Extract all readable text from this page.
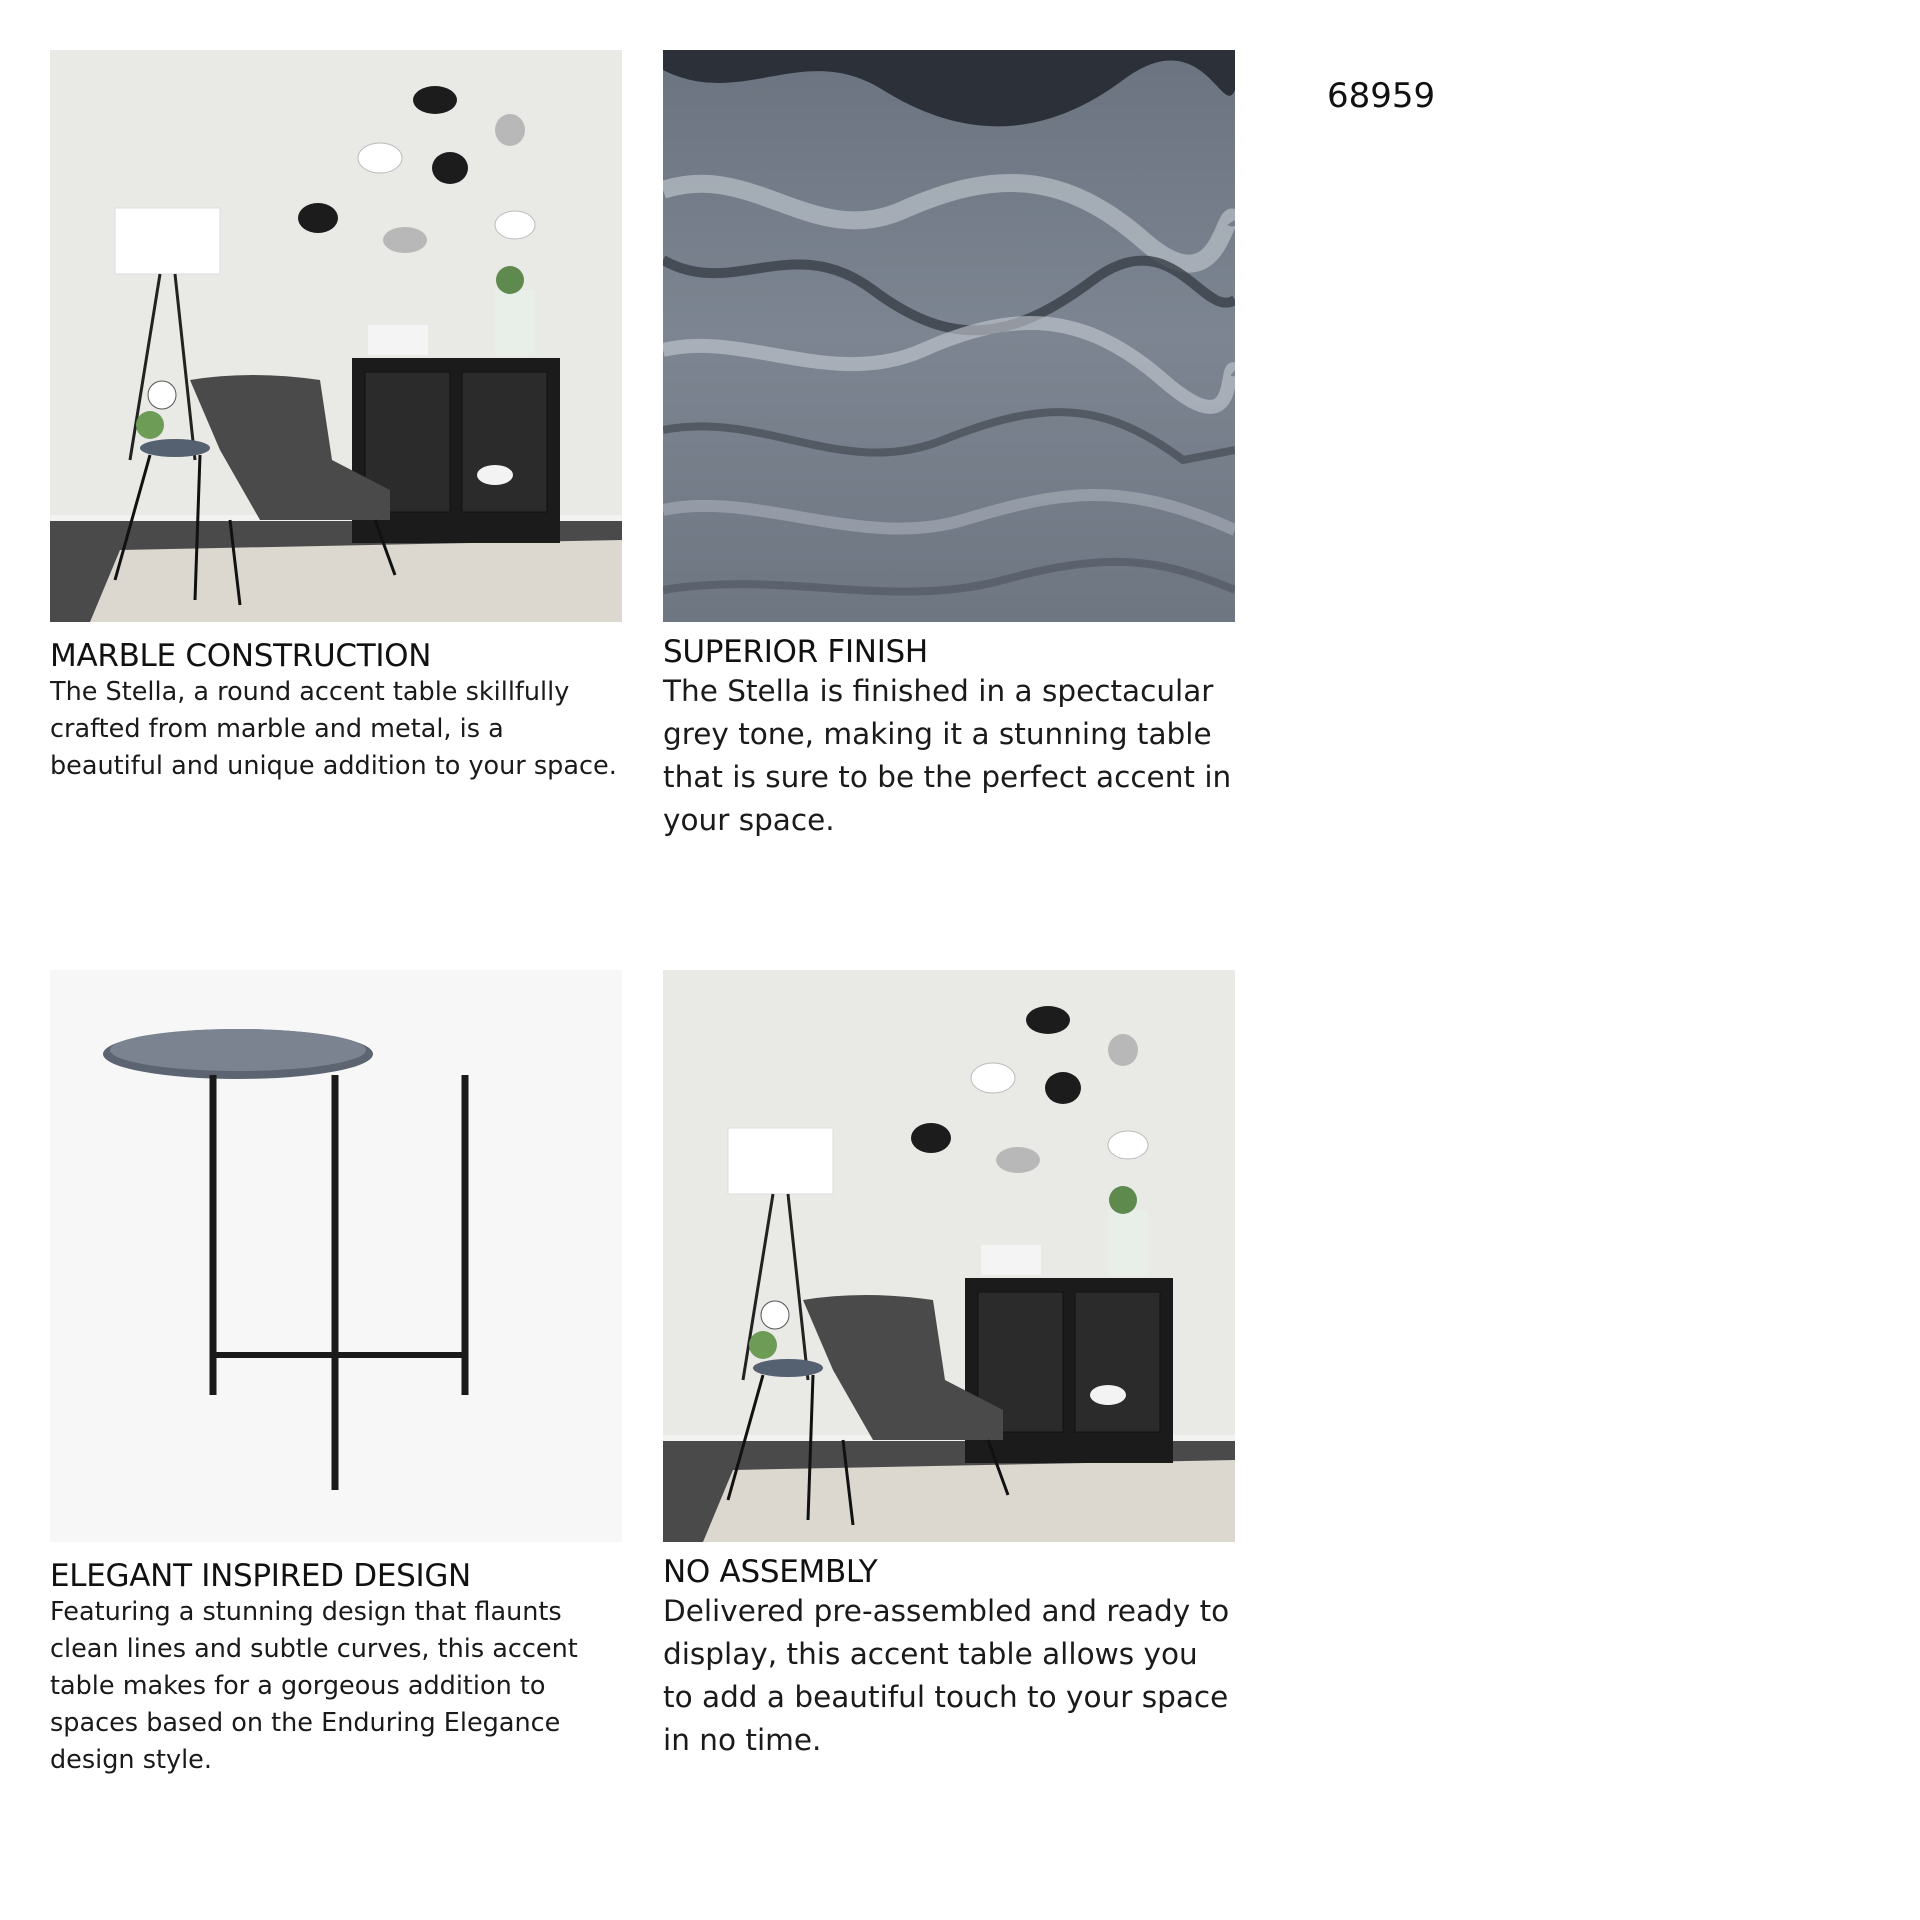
68959

MARBLE CONSTRUCTION

The Stella, a round accent table skillfully crafted from marble and metal, is a beautiful and unique addition to your space.

SUPERIOR FINISH

The Stella is finished in a spectacular grey tone, making it a stunning table that is sure to be the perfect accent in your space.

ELEGANT INSPIRED DESIGN

Featuring a stunning design that flaunts clean lines and subtle curves, this accent table makes for a gorgeous addition to spaces based on the Enduring Elegance design style.

NO ASSEMBLY

Delivered pre-assembled and ready to display, this accent table allows you to add a beautiful touch to your space in no time.
